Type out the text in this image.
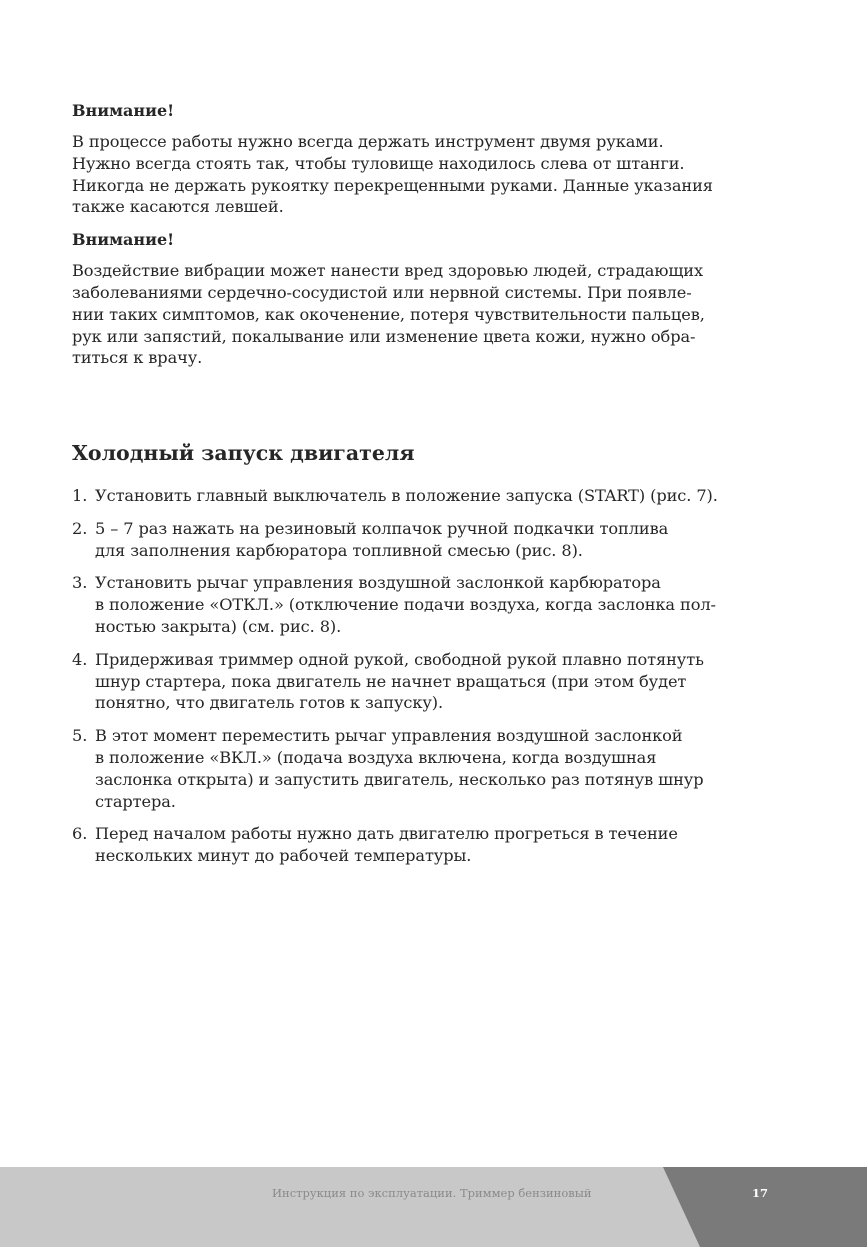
Внимание!
В процессе работы нужно всегда держать инструмент двумя руками.
Нужно всегда стоять так, чтобы туловище находилось слева от штанги.
Никогда не держать рукоятку перекрещенными руками. Данные указания
также касаются левшей.
Внимание!
Воздействие вибрации может нанести вред здоровью людей, страдающих
заболеваниями сердечно-сосудистой или нервной системы. При появле-
нии таких симптомов, как окоченение, потеря чувствительности пальцев,
рук или запястий, покалывание или изменение цвета кожи, нужно обра-
титься к врачу.
Холодный запуск двигателя
1. Установить главный выключатель в положение запуска (START) (рис. 7).
2. 5 – 7 раз нажать на резиновый колпачок ручной подкачки топлива
для заполнения карбюратора топливной смесью (рис. 8).
3. Установить рычаг управления воздушной заслонкой карбюратора
в положение «ОТКЛ.» (отключение подачи воздуха, когда заслонка пол-
ностью закрыта) (см. рис. 8).
4. Придерживая триммер одной рукой, свободной рукой плавно потянуть
шнур стартера, пока двигатель не начнет вращаться (при этом будет
понятно, что двигатель готов к запуску).
5. В этот момент переместить рычаг управления воздушной заслонкой
в положение «ВКЛ.» (подача воздуха включена, когда воздушная
заслонка открыта) и запустить двигатель, несколько раз потянув шнур
стартера.
6. Перед началом работы нужно дать двигателю прогреться в течение
нескольких минут до рабочей температуры.
Инструкция по эксплуатации. Триммер бензиновый	17
